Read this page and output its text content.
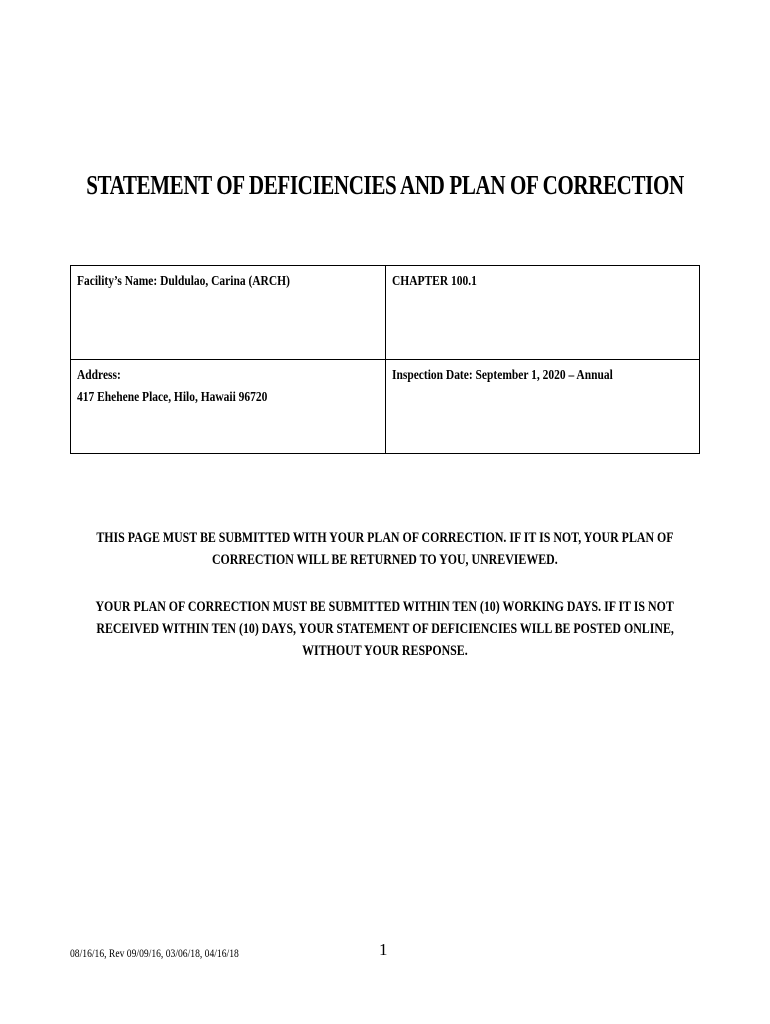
STATEMENT OF DEFICIENCIES AND PLAN OF CORRECTION
Facility’s Name: Duldulao, Carina (ARCH)	CHAPTER 100.1
Address:
417 Ehehene Place, Hilo, Hawaii 96720	Inspection Date: September 1, 2020 – Annual
THIS PAGE MUST BE SUBMITTED WITH YOUR PLAN OF CORRECTION. IF IT IS NOT, YOUR PLAN OF
CORRECTION WILL BE RETURNED TO YOU, UNREVIEWED.
YOUR PLAN OF CORRECTION MUST BE SUBMITTED WITHIN TEN (10) WORKING DAYS. IF IT IS NOT
RECEIVED WITHIN TEN (10) DAYS, YOUR STATEMENT OF DEFICIENCIES WILL BE POSTED ONLINE,
WITHOUT YOUR RESPONSE.
08/16/16, Rev 09/09/16, 03/06/18, 04/16/18	1
